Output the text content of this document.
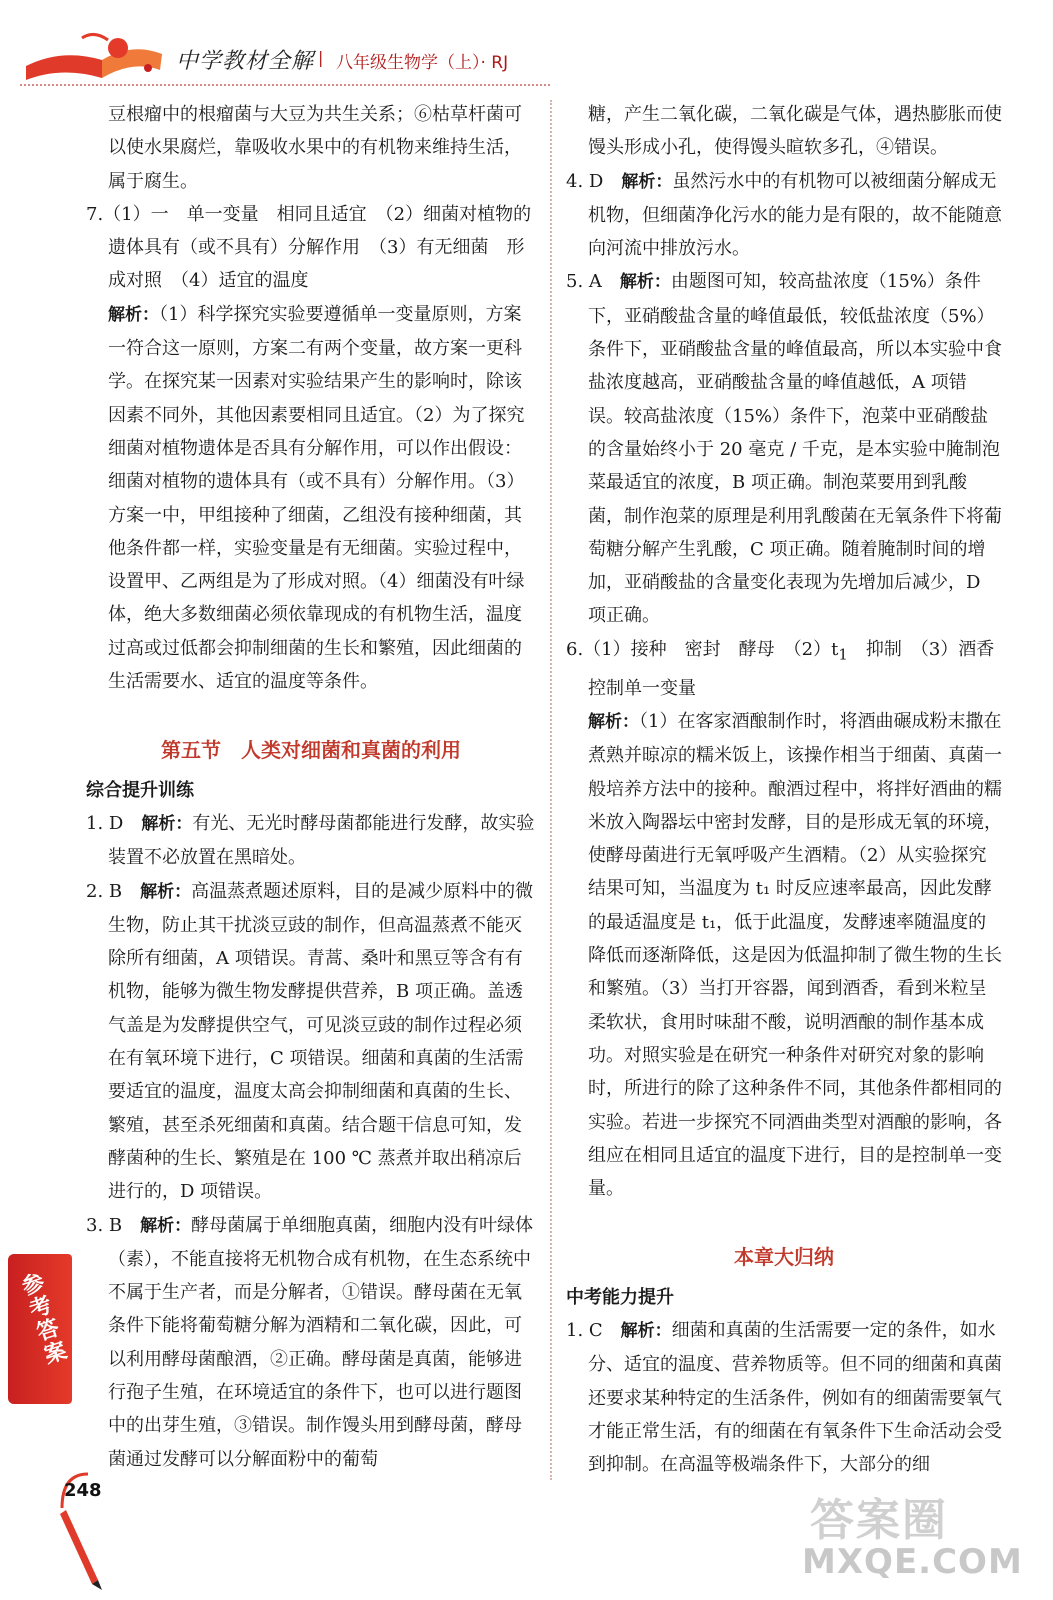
中学教材全解 | 八年级生物学（上）· RJ

豆根瘤中的根瘤菌与大豆为共生关系；⑥枯草杆菌可以使水果腐烂，靠吸收水果中的有机物来维持生活，属于腐生。

7.（1）一　单一变量　相同且适宜　（2）细菌对植物的遗体具有（或不具有）分解作用　（3）有无细菌　形成对照　（4）适宜的温度

解析：（1）科学探究实验要遵循单一变量原则，方案一符合这一原则，方案二有两个变量，故方案一更科学。在探究某一因素对实验结果产生的影响时，除该因素不同外，其他因素要相同且适宜。（2）为了探究细菌对植物遗体是否具有分解作用，可以作出假设：细菌对植物的遗体具有（或不具有）分解作用。（3）方案一中，甲组接种了细菌，乙组没有接种细菌，其他条件都一样，实验变量是有无细菌。实验过程中，设置甲、乙两组是为了形成对照。（4）细菌没有叶绿体，绝大多数细菌必须依靠现成的有机物生活，温度过高或过低都会抑制细菌的生长和繁殖，因此细菌的生活需要水、适宜的温度等条件。

第五节　人类对细菌和真菌的利用

综合提升训练

1. D　解析：有光、无光时酵母菌都能进行发酵，故实验装置不必放置在黑暗处。

2. B　解析：高温蒸煮题述原料，目的是减少原料中的微生物，防止其干扰淡豆豉的制作，但高温蒸煮不能灭除所有细菌，A 项错误。青蒿、桑叶和黑豆等含有有机物，能够为微生物发酵提供营养，B 项正确。盖透气盖是为发酵提供空气，可见淡豆豉的制作过程必须在有氧环境下进行，C 项错误。细菌和真菌的生活需要适宜的温度，温度太高会抑制细菌和真菌的生长、繁殖，甚至杀死细菌和真菌。结合题干信息可知，发酵菌种的生长、繁殖是在 100 ℃ 蒸煮并取出稍凉后进行的，D 项错误。

3. B　解析：酵母菌属于单细胞真菌，细胞内没有叶绿体（素），不能直接将无机物合成有机物，在生态系统中不属于生产者，而是分解者，①错误。酵母菌在无氧条件下能将葡萄糖分解为酒精和二氧化碳，因此，可以利用酵母菌酿酒，②正确。酵母菌是真菌，能够进行孢子生殖，在环境适宜的条件下，也可以进行题图中的出芽生殖，③错误。制作馒头用到酵母菌，酵母菌通过发酵可以分解面粉中的葡萄

糖，产生二氧化碳，二氧化碳是气体，遇热膨胀而使馒头形成小孔，使得馒头暄软多孔，④错误。

4. D　解析：虽然污水中的有机物可以被细菌分解成无机物，但细菌净化污水的能力是有限的，故不能随意向河流中排放污水。

5. A　解析：由题图可知，较高盐浓度（15%）条件下，亚硝酸盐含量的峰值最低，较低盐浓度（5%）条件下，亚硝酸盐含量的峰值最高，所以本实验中食盐浓度越高，亚硝酸盐含量的峰值越低，A 项错误。较高盐浓度（15%）条件下，泡菜中亚硝酸盐的含量始终小于 20 毫克 / 千克，是本实验中腌制泡菜最适宜的浓度，B 项正确。制泡菜要用到乳酸菌，制作泡菜的原理是利用乳酸菌在无氧条件下将葡萄糖分解产生乳酸，C 项正确。随着腌制时间的增加，亚硝酸盐的含量变化表现为先增加后减少，D 项正确。

6.（1）接种　密封　酵母　$(2)t_1$　抑制　（3）酒香　控制单一变量

解析：（1）在客家酒酿制作时，将酒曲碾成粉末撒在煮熟并晾凉的糯米饭上，该操作相当于细菌、真菌一般培养方法中的接种。酿酒过程中，将拌好酒曲的糯米放入陶器坛中密封发酵，目的是形成无氧的环境，使酵母菌进行无氧呼吸产生酒精。（2）从实验探究结果可知，当温度为 t₁ 时反应速率最高，因此发酵的最适温度是 t₁，低于此温度，发酵速率随温度的降低而逐渐降低，这是因为低温抑制了微生物的生长和繁殖。（3）当打开容器，闻到酒香，看到米粒呈柔软状，食用时味甜不酸，说明酒酿的制作基本成功。对照实验是在研究一种条件对研究对象的影响时，所进行的除了这种条件不同，其他条件都相同的实验。若进一步探究不同酒曲类型对酒酿的影响，各组应在相同且适宜的温度下进行，目的是控制单一变量。

本章大归纳

中考能力提升

1. C　解析：细菌和真菌的生活需要一定的条件，如水分、适宜的温度、营养物质等。但不同的细菌和真菌还要求某种特定的生活条件，例如有的细菌需要氧气才能正常生活，有的细菌在有氧条件下生命活动会受到抑制。在高温等极端条件下，大部分的细

参考答案
248
答案圈
MXQE.COM
